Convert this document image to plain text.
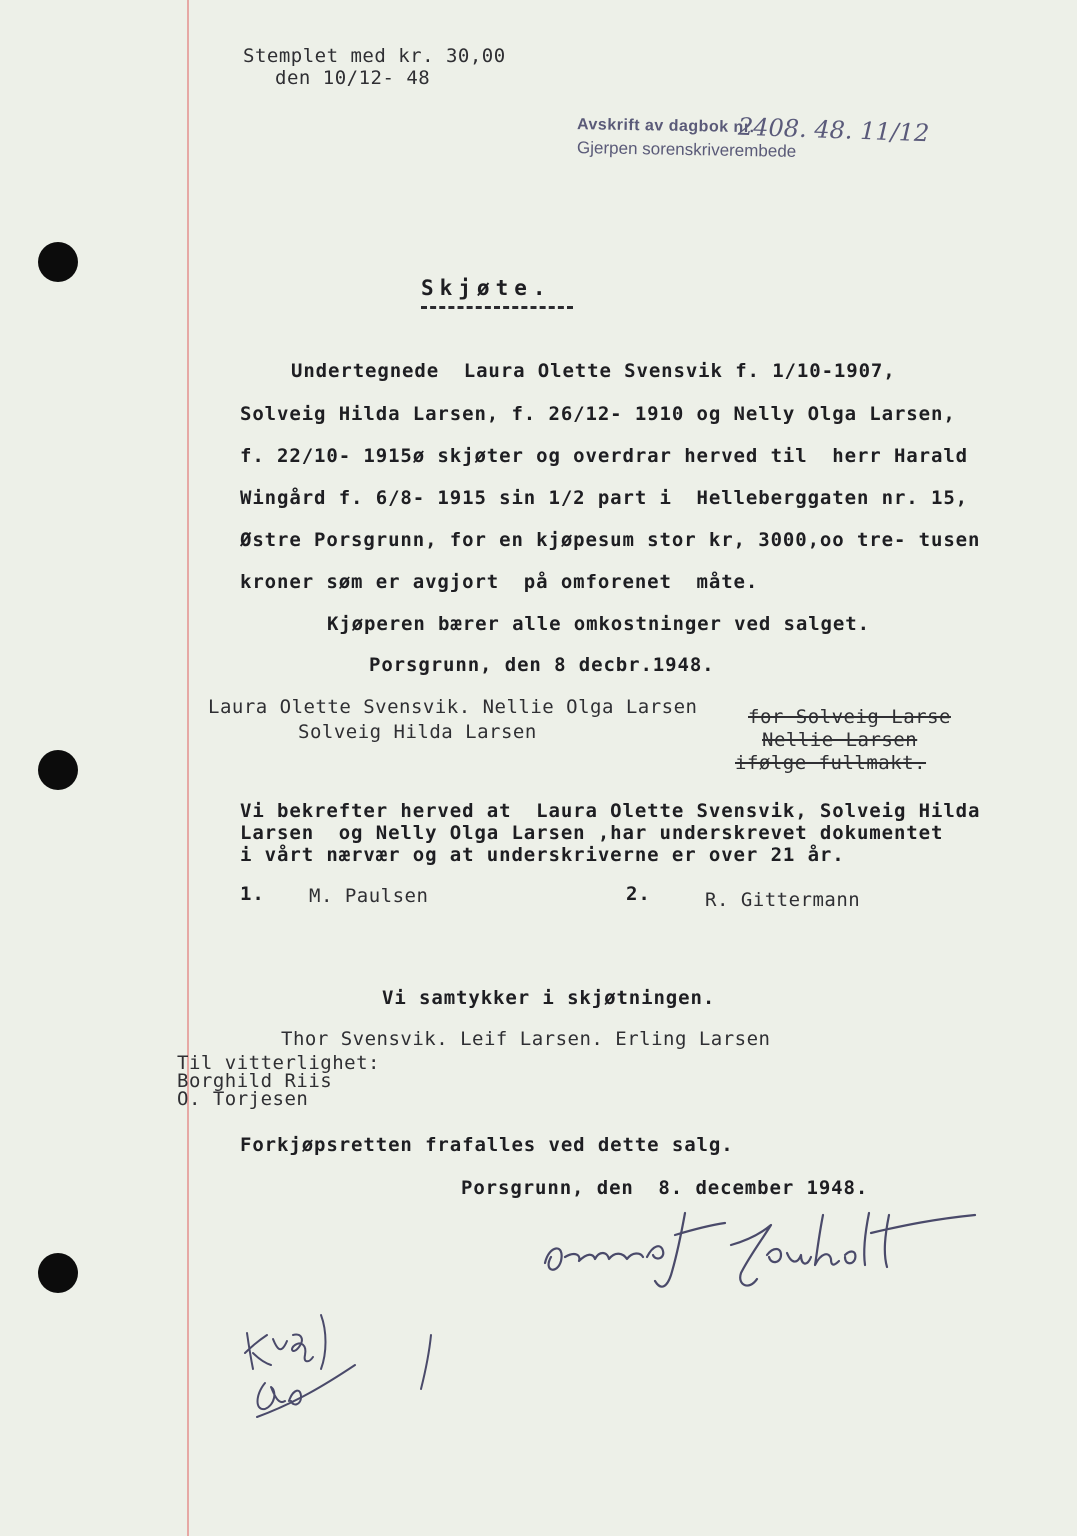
Stemplet med kr. 30,00
den 10/12- 48
Avskrift av dagbok nr.
Gjerpen sorenskriverembede
2408. 48. 11/12
Skjøte.
Undertegnede  Laura Olette Svensvik f. 1/10-1907,
Solveig Hilda Larsen, f. 26/12- 1910 og Nelly Olga Larsen,
f. 22/10- 1915ø skjøter og overdrar herved til  herr Harald
Wingård f. 6/8- 1915 sin 1/2 part i  Helleberggaten nr. 15,
Østre Porsgrunn, for en kjøpesum stor kr, 3000,oo tre- tusen
kroner søm er avgjort  på omforenet  måte.
Kjøperen bærer alle omkostninger ved salget.
Porsgrunn, den 8 decbr.1948.
Laura Olette Svensvik. Nellie Olga Larsen	for Solveig Larse
Solveig Hilda Larsen	Nellie Larsen
ifølge fullmakt.
Vi bekrefter herved at  Laura Olette Svensvik, Solveig Hilda
Larsen  og Nelly Olga Larsen ,har underskrevet dokumentet
i vårt nærvær og at underskriverne er over 21 år.
1. M. Paulsen	2.	R. Gittermann
Vi samtykker i skjøtningen.
Thor Svensvik. Leif Larsen. Erling Larsen
Til vitterlighet:
Borghild Riis
O. Torjesen
Forkjøpsretten frafalles ved dette salg.
Porsgrunn, den  8. december 1948.
